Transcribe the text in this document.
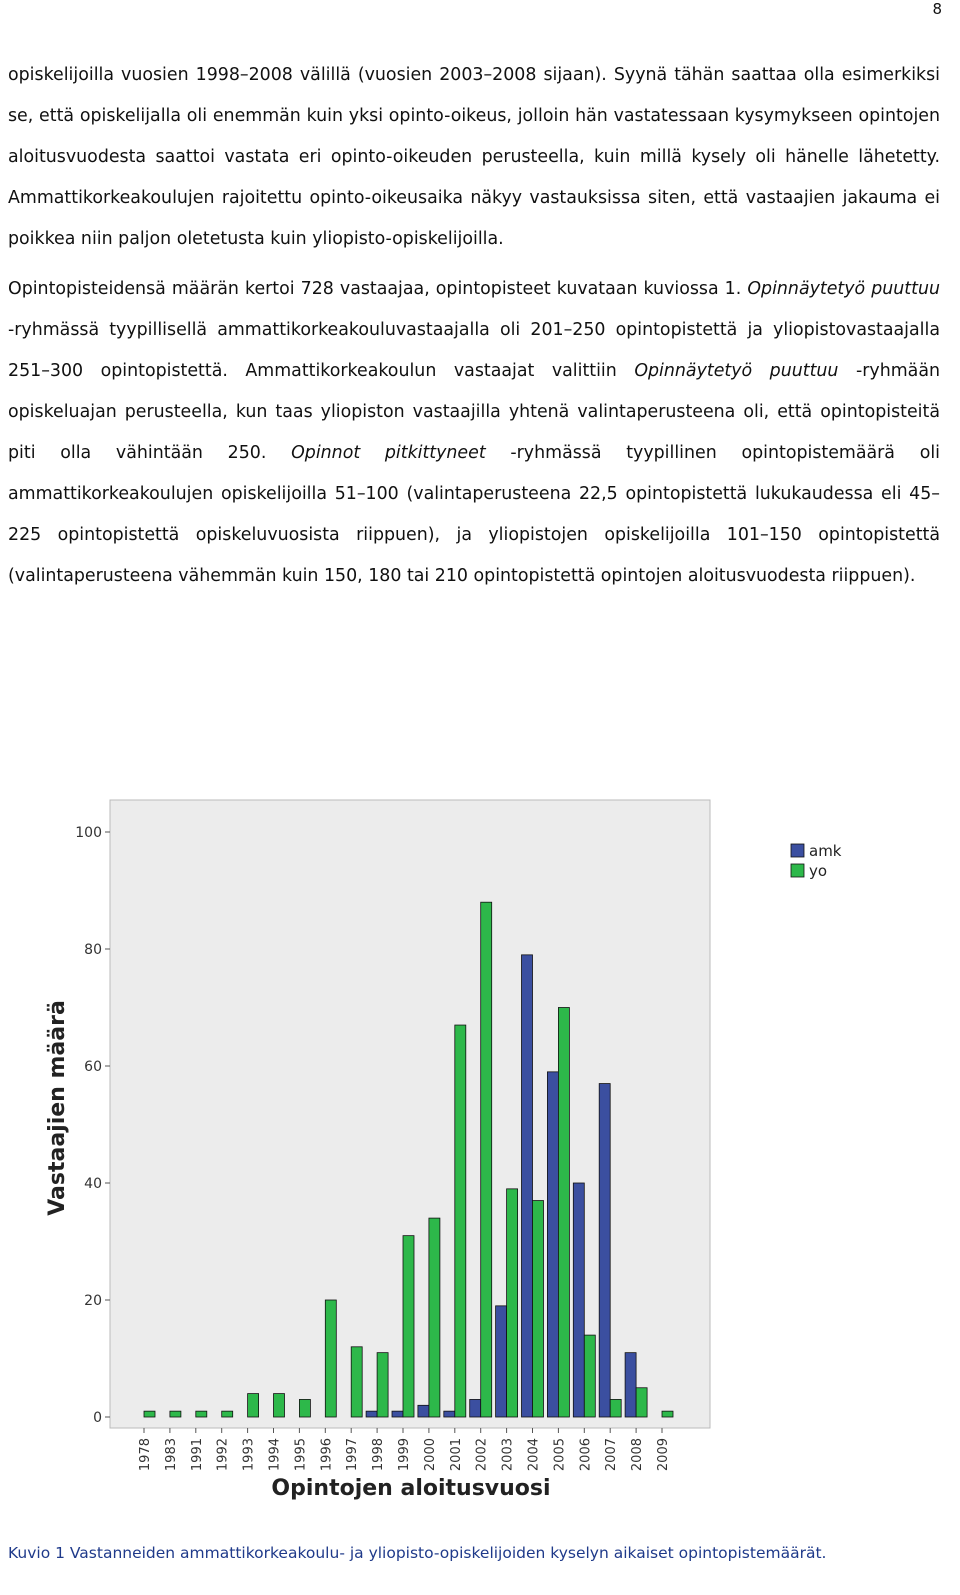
8

opiskelijoilla vuosien 1998–2008 välillä (vuosien 2003–2008 sijaan). Syynä tähän saattaa olla esimerkiksi se, että opiskelijalla oli enemmän kuin yksi opinto-oikeus, jolloin hän vastatessaan kysymykseen opintojen aloitusvuodesta saattoi vastata eri opinto-oikeuden perusteella, kuin millä kysely oli hänelle lähetetty. Ammattikorkeakoulujen rajoitettu opinto-oikeusaika näkyy vastauksissa siten, että vastaajien jakauma ei poikkea niin paljon oletetusta kuin yliopisto-opiskelijoilla.

Opintopisteidensä määrän kertoi 728 vastaajaa, opintopisteet kuvataan kuviossa 1. Opinnäytetyö puuttuu -ryhmässä tyypillisellä ammattikorkeakouluvastaajalla oli 201–250 opintopistettä ja yliopistovastaajalla 251–300 opintopistettä. Ammattikorkeakoulun vastaajat valittiin Opinnäytetyö puuttuu -ryhmään opiskeluajan perusteella, kun taas yliopiston vastaajilla yhtenä valintaperusteena oli, että opintopisteitä piti olla vähintään 250. Opinnot pitkittyneet -ryhmässä tyypillinen opintopistemäärä oli ammattikorkeakoulujen opiskelijoilla 51–100 (valintaperusteena 22,5 opintopistettä lukukaudessa eli 45–225 opintopistettä opiskeluvuosista riippuen), ja yliopistojen opiskelijoilla 101–150 opintopistettä (valintaperusteena vähemmän kuin 150, 180 tai 210 opintopistettä opintojen aloitusvuodesta riippuen).

0
20
40
60
80
100
1978 1983 1991 1992 1993 1994 1995 1996 1997 1998 1999 2000 2001 2002 2003 2004 2005 2006 2007 2008 2009
amk
yo
Vastaajien määrä
Opintojen aloitusvuosi
Kuvio 1 Vastanneiden ammattikorkeakoulu- ja yliopisto-opiskelijoiden kyselyn aikaiset opintopistemäärät.
